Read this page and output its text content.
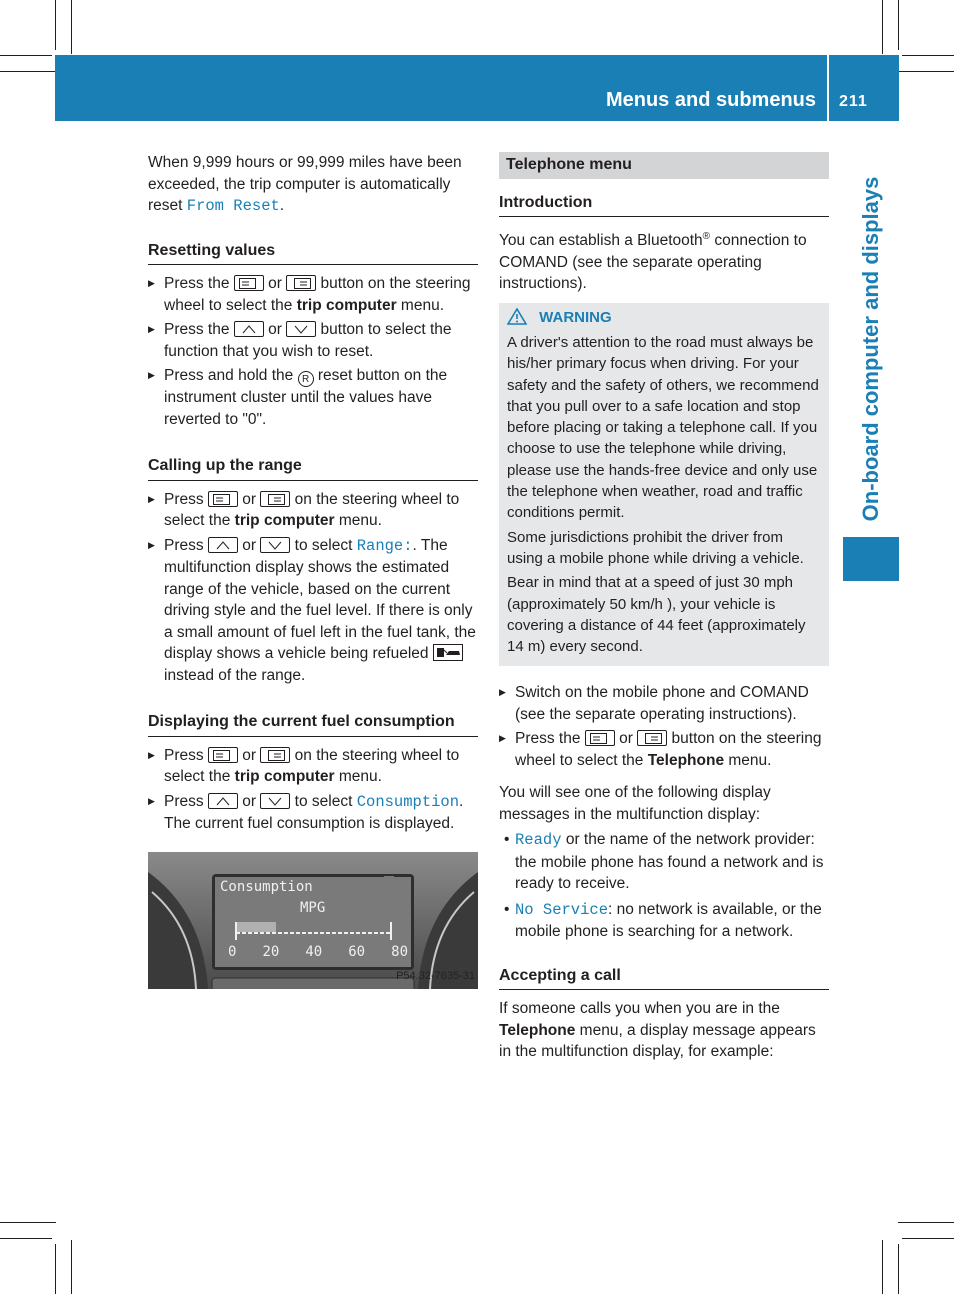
Menus and submenus 211
On-board computer and displays

When 9,999 hours or 99,999 miles have been exceeded, the trip computer is automatically reset From Reset.

Resetting values
▶ Press the or button on the steering wheel to select the trip computer menu.
▶ Press the or button to select the function that you wish to reset.
▶ Press and hold the R reset button on the instrument cluster until the values have reverted to "0".
Calling up the range
▶ Press or on the steering wheel to select the trip computer menu.
▶ Press or to select Range:. The multifunction display shows the estimated range of the vehicle, based on the current driving style and the fuel level. If there is only a small amount of fuel left in the fuel tank, the display shows a vehicle being refueled
instead of the range.
Displaying the current fuel consumption
▶ Press or on the steering wheel to select the trip computer menu.
▶ Press or to select Consumption.
The current fuel consumption is displayed.
Consumption
MPG
0 20 40 60 80
P54.32-7635-31
Telephone menu
Introduction

You can establish a Bluetooth® connection to COMAND (see the separate operating instructions).

WARNING

A driver's attention to the road must always be his/her primary focus when driving. For your safety and the safety of others, we recommend that you pull over to a safe location and stop before placing or taking a telephone call. If you choose to use the telephone while driving, please use the hands-free device and only use the telephone when weather, road and traffic conditions permit.

Some jurisdictions prohibit the driver from using a mobile phone while driving a vehicle.

Bear in mind that at a speed of just 30 mph (approximately 50 km/h ), your vehicle is covering a distance of 44 feet (approximately 14 m) every second.

▶ Switch on the mobile phone and COMAND (see the separate operating instructions).
▶ Press the or button on the steering wheel to select the Telephone menu.

You will see one of the following display messages in the multifunction display:

• Ready or the name of the network provider: the mobile phone has found a network and is ready to receive.
• No Service: no network is available, or the mobile phone is searching for a network.
Accepting a call

If someone calls you when you are in the Telephone menu, a display message appears in the multifunction display, for example:
